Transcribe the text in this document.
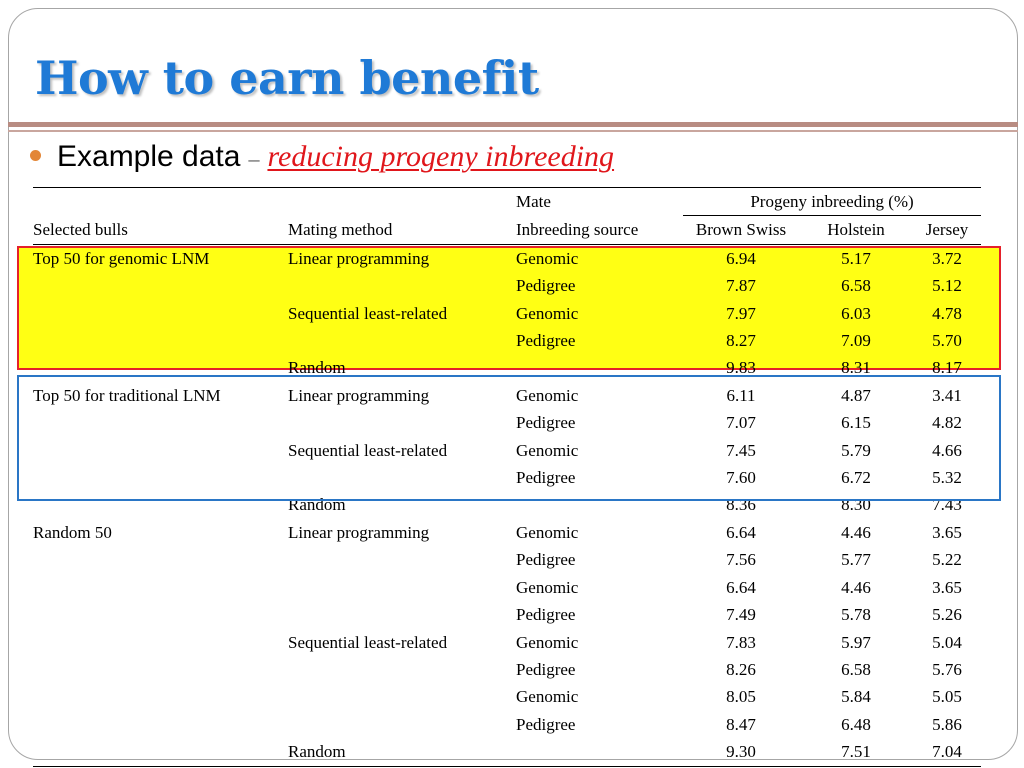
How to earn benefit
Example data – reducing progeny inbreeding
		Mate	Progeny inbreeding (%)		
Selected bulls	Mating method	Inbreeding source	Brown Swiss	Holstein	Jersey
Top 50 for genomic LNM	Linear programming	Genomic	6.94	5.17	3.72
		Pedigree	7.87	6.58	5.12
	Sequential least-related	Genomic	7.97	6.03	4.78
		Pedigree	8.27	7.09	5.70
	Random		9.83	8.31	8.17
Top 50 for traditional LNM	Linear programming	Genomic	6.11	4.87	3.41
		Pedigree	7.07	6.15	4.82
	Sequential least-related	Genomic	7.45	5.79	4.66
		Pedigree	7.60	6.72	5.32
	Random		8.36	8.30	7.43
Random 50	Linear programming	Genomic	6.64	4.46	3.65
		Pedigree	7.56	5.77	5.22
		Genomic	6.64	4.46	3.65
		Pedigree	7.49	5.78	5.26
	Sequential least-related	Genomic	7.83	5.97	5.04
		Pedigree	8.26	6.58	5.76
		Genomic	8.05	5.84	5.05
		Pedigree	8.47	6.48	5.86
	Random		9.30	7.51	7.04
